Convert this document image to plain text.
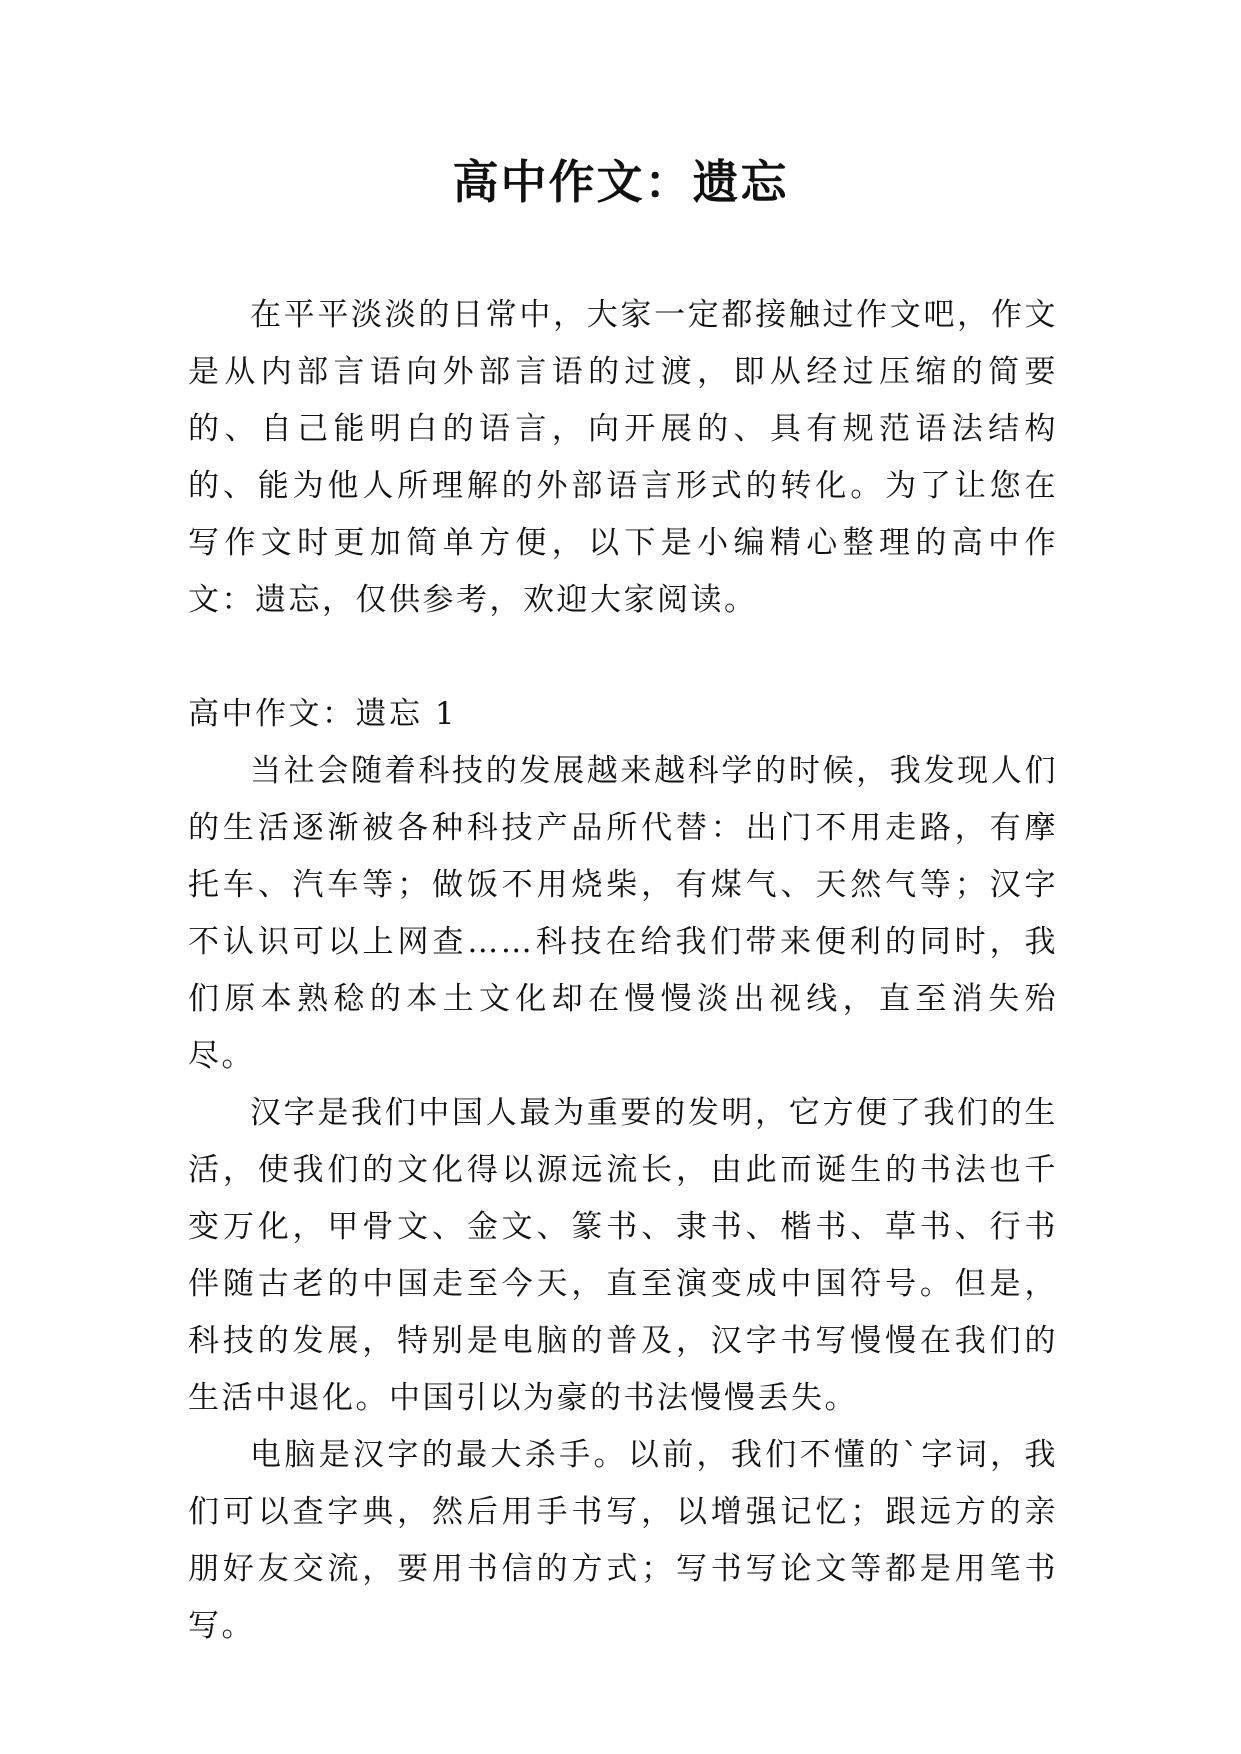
高中作文：遗忘

在平平淡淡的日常中，大家一定都接触过作文吧，作文是从内部言语向外部言语的过渡，即从经过压缩的简要的、自己能明白的语言，向开展的、具有规范语法结构的、能为他人所理解的外部语言形式的转化。为了让您在写作文时更加简单方便，以下是小编精心整理的高中作文：遗忘，仅供参考，欢迎大家阅读。

高中作文：遗忘 1

当社会随着科技的发展越来越科学的时候，我发现人们的生活逐渐被各种科技产品所代替：出门不用走路，有摩托车、汽车等；做饭不用烧柴，有煤气、天然气等；汉字不认识可以上网查……科技在给我们带来便利的同时，我们原本熟稔的本土文化却在慢慢淡出视线，直至消失殆尽。

汉字是我们中国人最为重要的发明，它方便了我们的生活，使我们的文化得以源远流长，由此而诞生的书法也千变万化，甲骨文、金文、篆书、隶书、楷书、草书、行书伴随古老的中国走至今天，直至演变成中国符号。但是，科技的发展，特别是电脑的普及，汉字书写慢慢在我们的生活中退化。中国引以为豪的书法慢慢丢失。

电脑是汉字的最大杀手。以前，我们不懂的`字词，我们可以查字典，然后用手书写，以增强记忆；跟远方的亲朋好友交流，要用书信的方式；写书写论文等都是用笔书写。
